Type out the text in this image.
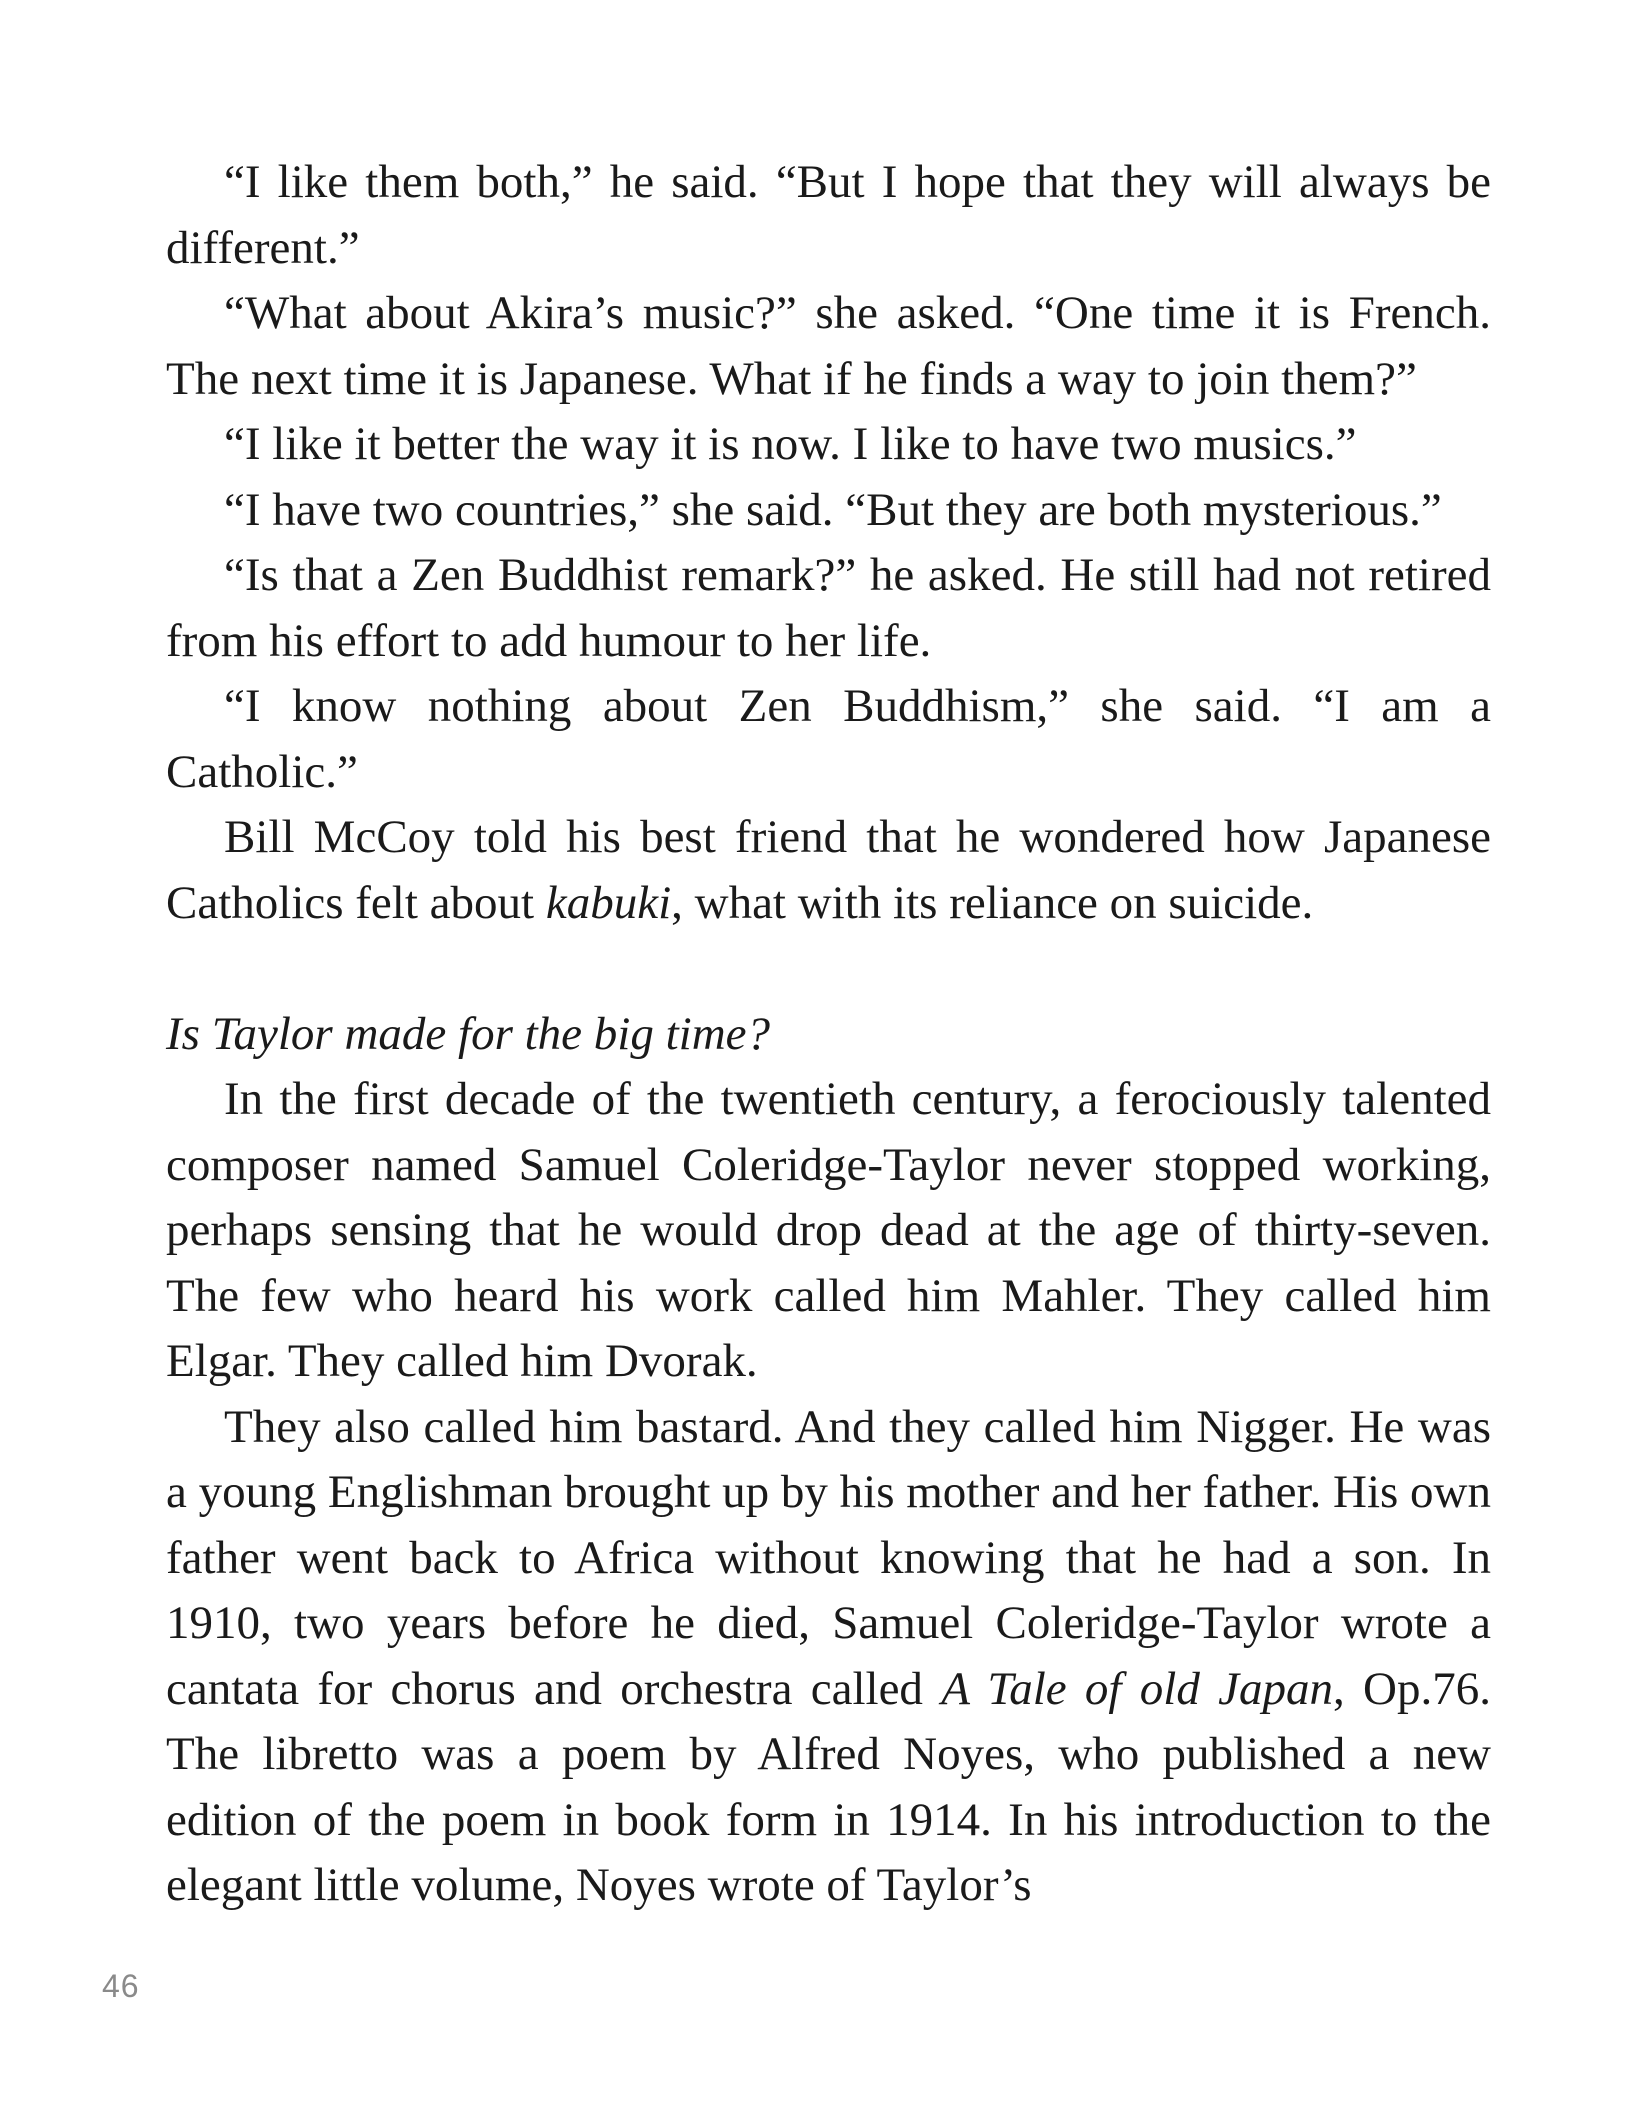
“I like them both,” he said. “But I hope that they will always be different.”

“What about Akira’s music?” she asked. “One time it is French. The next time it is Japanese. What if he finds a way to join them?”

“I like it better the way it is now. I like to have two musics.”

“I have two countries,” she said. “But they are both mysterious.”

“Is that a Zen Buddhist remark?” he asked. He still had not retired from his effort to add humour to her life.

“I know nothing about Zen Buddhism,” she said. “I am a Catholic.”

Bill McCoy told his best friend that he wondered how Japanese Catholics felt about kabuki, what with its reliance on suicide.

Is Taylor made for the big time?

In the first decade of the twentieth century, a ferociously talented composer named Samuel Coleridge-Taylor never stopped working, perhaps sensing that he would drop dead at the age of thirty-seven. The few who heard his work called him Mahler. They called him Elgar. They called him Dvorak.

They also called him bastard. And they called him Nigger. He was a young Englishman brought up by his mother and her father. His own father went back to Africa without knowing that he had a son. In 1910, two years before he died, Samuel Coleridge-Taylor wrote a cantata for chorus and orchestra called A Tale of old Japan, Op.76. The libretto was a poem by Alfred Noyes, who published a new edition of the poem in book form in 1914. In his introduction to the elegant little volume, Noyes wrote of Taylor’s

46
